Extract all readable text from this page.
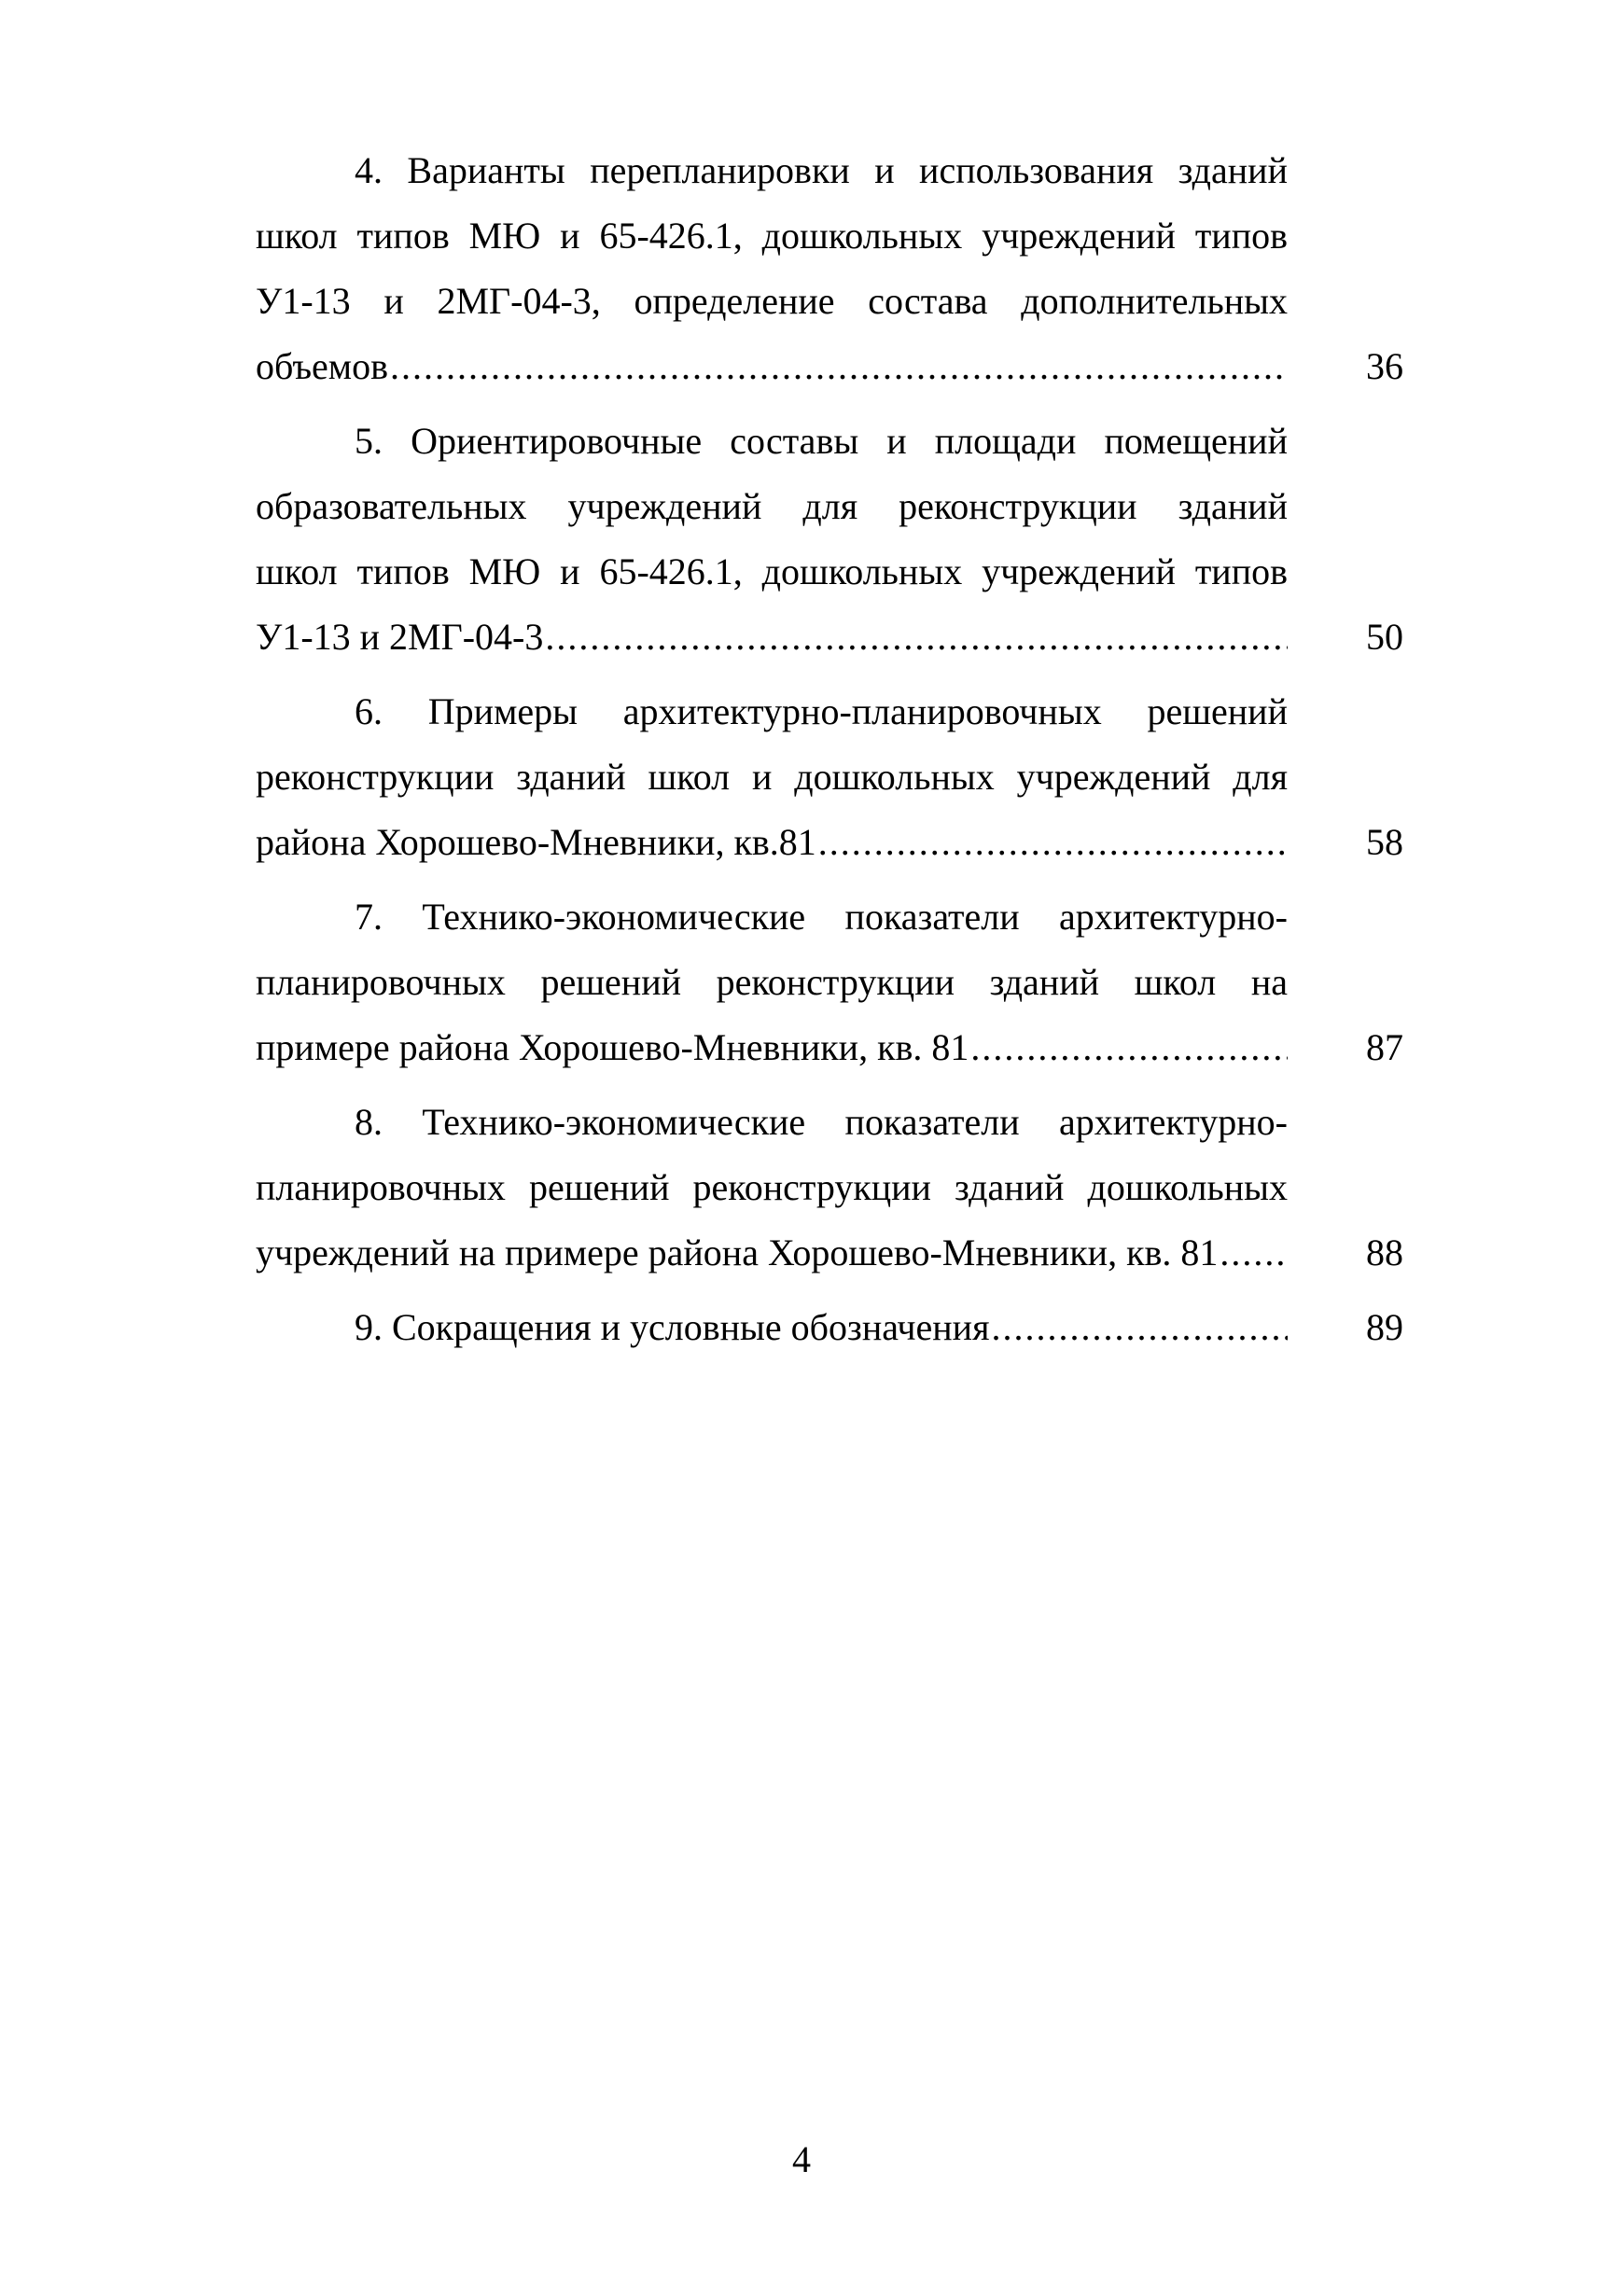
4. Варианты перепланировки и использования зданий
школ типов МЮ и 65-426.1, дошкольных учреждений типов
У1-13 и 2МГ-04-3, определение состава дополнительных
объемов . . .	36
5. Ориентировочные составы и площади помещений
образовательных учреждений для реконструкции зданий
школ типов МЮ и 65-426.1, дошкольных учреждений типов
У1-13 и 2МГ-04-3 . . .	50
6. Примеры архитектурно-планировочных решений
реконструкции зданий школ и дошкольных учреждений для
района Хорошево-Мневники, кв.81 . . .	58
7. Технико-экономические показатели архитектурно-
планировочных решений реконструкции зданий школ на
примере района Хорошево-Мневники, кв. 81 . . .	87
8. Технико-экономические показатели архитектурно-
планировочных решений реконструкции зданий дошкольных
учреждений на примере района Хорошево-Мневники, кв. 81 . . .	88
9. Сокращения и условные обозначения . . .	89
4
